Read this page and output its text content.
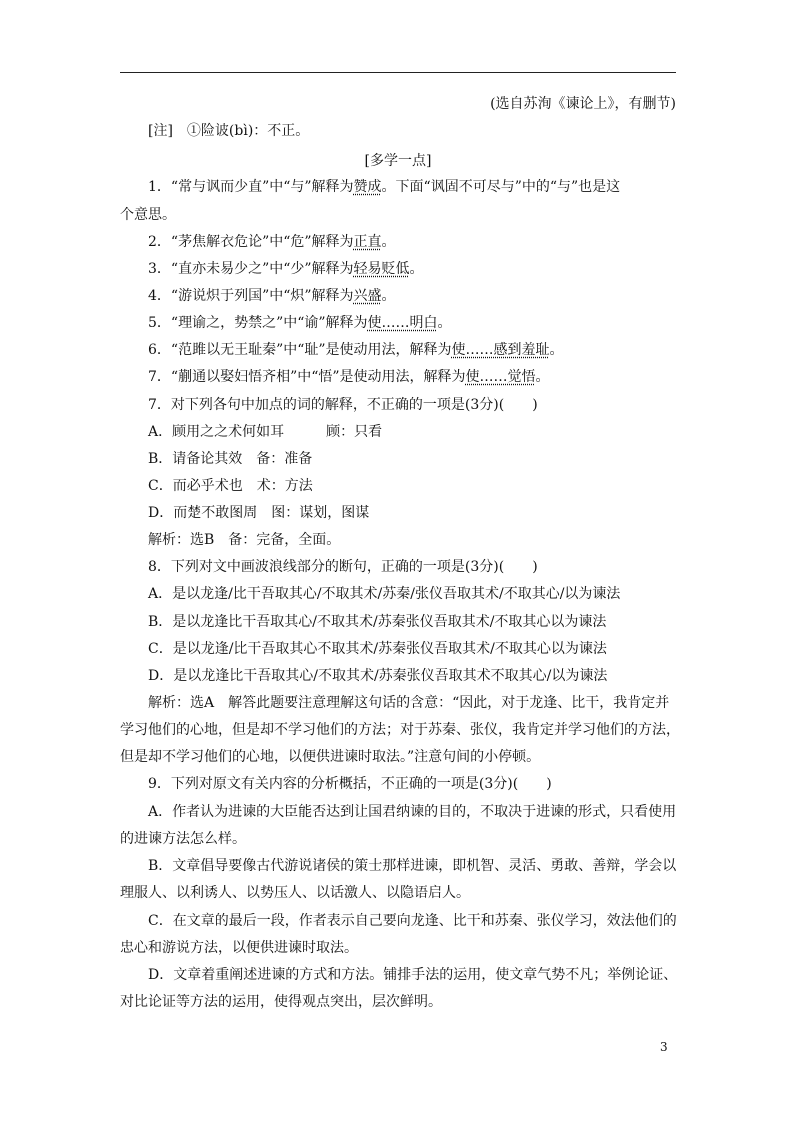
(选自苏洵《谏论上》，有删节)
[注]　①险诐(bì)：不正。
[多学一点]
1．“常与讽而少直”中“与”解释为赞成。下面“讽固不可尽与”中的“与”也是这
个意思。
2．“茅焦解衣危论”中“危”解释为正直。
3．“直亦未易少之”中“少”解释为轻易贬低。
4．“游说炽于列国”中“炽”解释为兴盛。
5．“理谕之，势禁之”中“谕”解释为使……明白。
6．“范雎以无王耻秦”中“耻”是使动用法，解释为使……感到羞耻。
7．“蒯通以娶妇悟齐相”中“悟”是使动用法，解释为使……觉悟。
7．对下列各句中加点的词的解释，不正确的一项是(3分)(　　)
A．顾用之之术何如耳　　　顾：只看
B．请备论其效　备：准备
C．而必乎术也　术：方法
D．而楚不敢图周　图：谋划，图谋
解析：选B　备：完备，全面。
8．下列对文中画波浪线部分的断句，正确的一项是(3分)(　　)
A．是以龙逢/比干吾取其心/不取其术/苏秦/张仪吾取其术/不取其心/以为谏法
B．是以龙逢比干吾取其心/不取其术/苏秦张仪吾取其术/不取其心以为谏法
C．是以龙逢/比干吾取其心不取其术/苏秦张仪吾取其术/不取其心以为谏法
D．是以龙逢比干吾取其心/不取其术/苏秦张仪吾取其术不取其心/以为谏法
解析：选A　解答此题要注意理解这句话的含意：“因此，对于龙逢、比干，我肯定并
学习他们的心地，但是却不学习他们的方法；对于苏秦、张仪，我肯定并学习他们的方法，
但是却不学习他们的心地，以便供进谏时取法。”注意句间的小停顿。
9．下列对原文有关内容的分析概括，不正确的一项是(3分)(　　)
A．作者认为进谏的大臣能否达到让国君纳谏的目的，不取决于进谏的形式，只看使用
的进谏方法怎么样。
B．文章倡导要像古代游说诸侯的策士那样进谏，即机智、灵活、勇敢、善辩，学会以
理服人、以利诱人、以势压人、以话激人、以隐语启人。
C．在文章的最后一段，作者表示自己要向龙逢、比干和苏秦、张仪学习，效法他们的
忠心和游说方法，以便供进谏时取法。
D．文章着重阐述进谏的方式和方法。铺排手法的运用，使文章气势不凡；举例论证、
对比论证等方法的运用，使得观点突出，层次鲜明。
3
